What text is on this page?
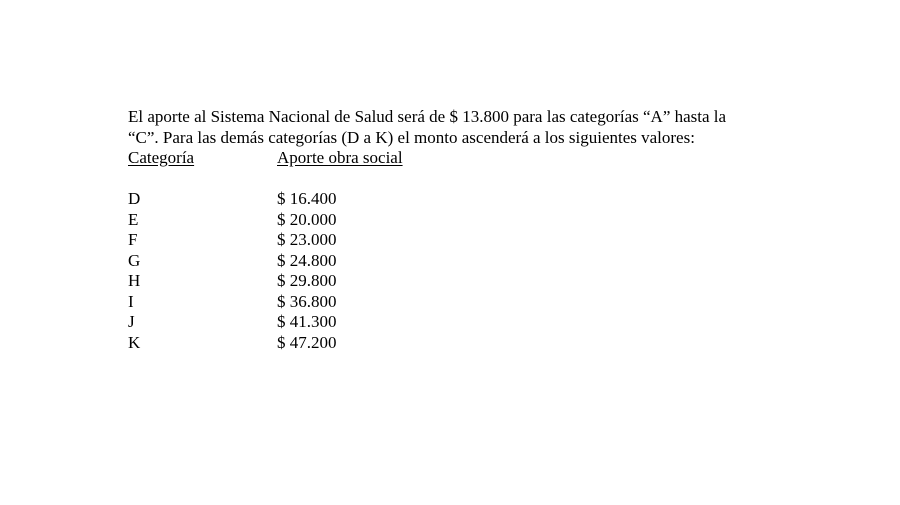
El aporte al Sistema Nacional de Salud será de $ 13.800 para las categorías “A” hasta la

“C”. Para las demás categorías (D a K) el monto ascenderá a los siguientes valores:

Categoría	Aporte obra social
D	$ 16.400
E	$ 20.000
F	$ 23.000
G	$ 24.800
H	$ 29.800
I	$ 36.800
J	$ 41.300
K	$ 47.200
